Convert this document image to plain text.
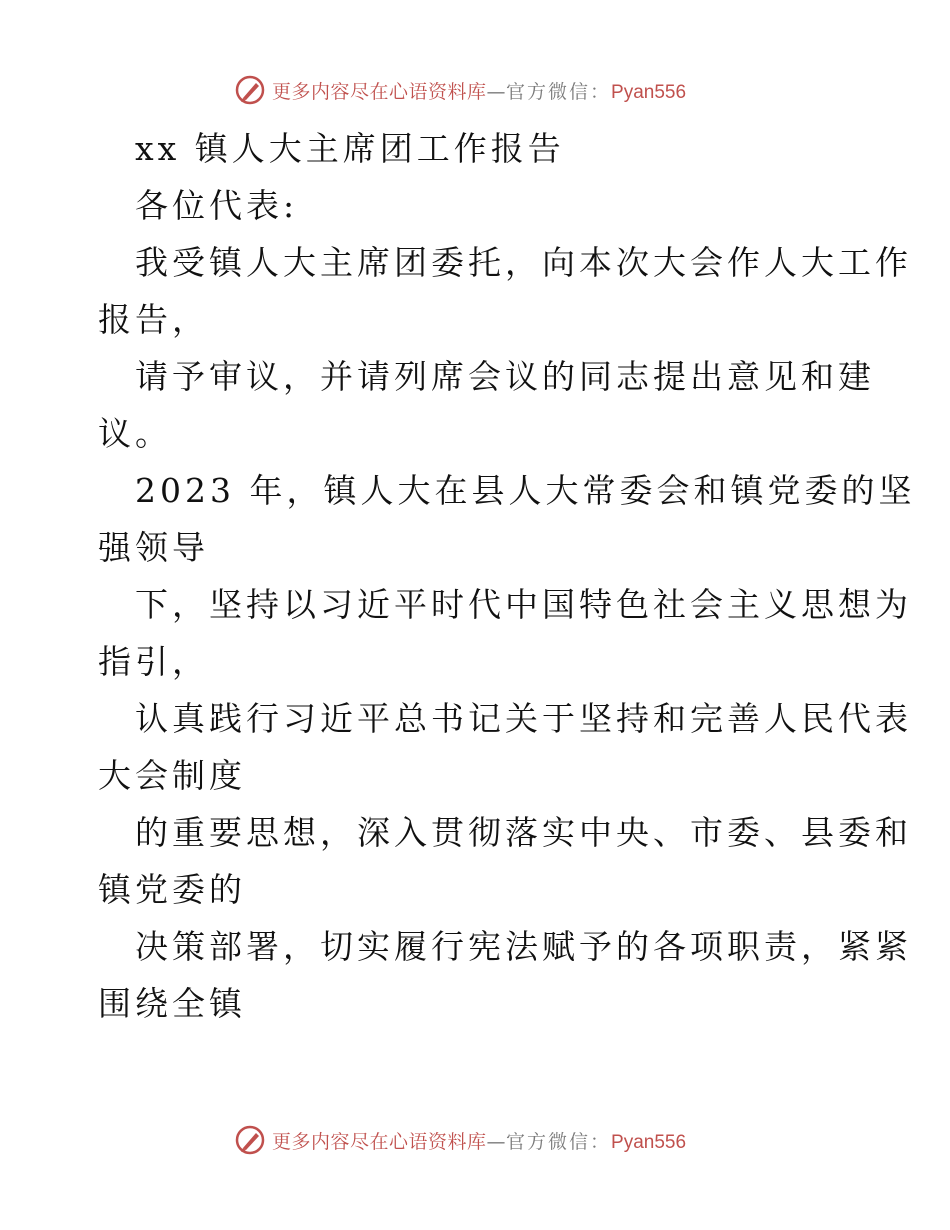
更多内容尽在心语资料库—官方微信：Pyan556
xx 镇人大主席团工作报告
各位代表:
我受镇人大主席团委托，向本次大会作人大工作
报告，
请予审议，并请列席会议的同志提出意见和建
议。
2023 年，镇人大在县人大常委会和镇党委的坚
强领导
下，坚持以习近平时代中国特色社会主义思想为
指引，
认真践行习近平总书记关于坚持和完善人民代表
大会制度
的重要思想，深入贯彻落实中央、市委、县委和
镇党委的
决策部署，切实履行宪法赋予的各项职责，紧紧
围绕全镇
更多内容尽在心语资料库—官方微信：Pyan556
